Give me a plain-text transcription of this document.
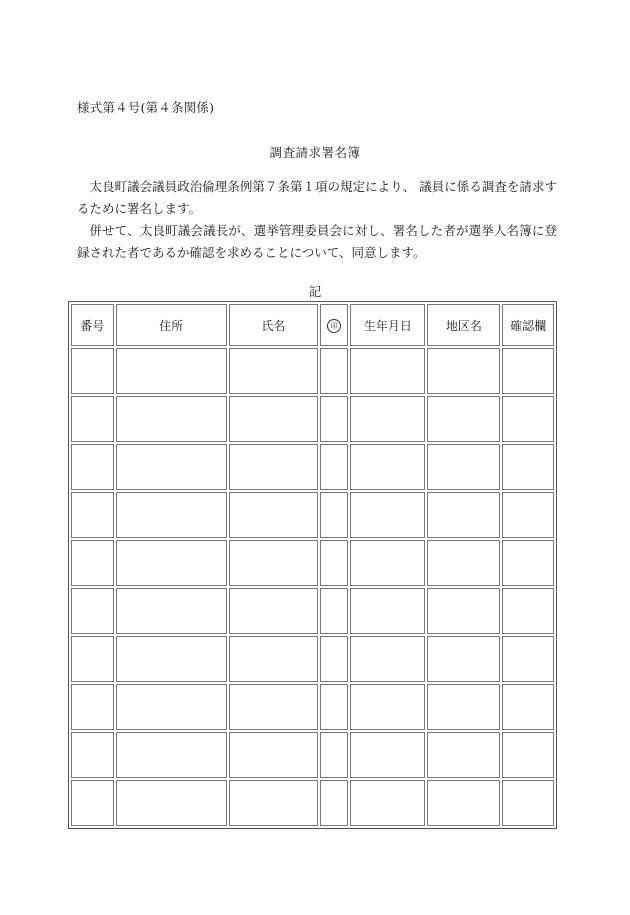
様式第４号(第４条関係)
調査請求署名簿

太良町議会議員政治倫理条例第７条第１項の規定により、 議員に係る調査を請求するために署名します。

併せて、太良町議会議長が、選挙管理委員会に対し、署名した者が選挙人名簿に登録された者であるか確認を求めることについて、同意します。

記
番号	住所	氏名	印	生年月日	地区名	確認欄
